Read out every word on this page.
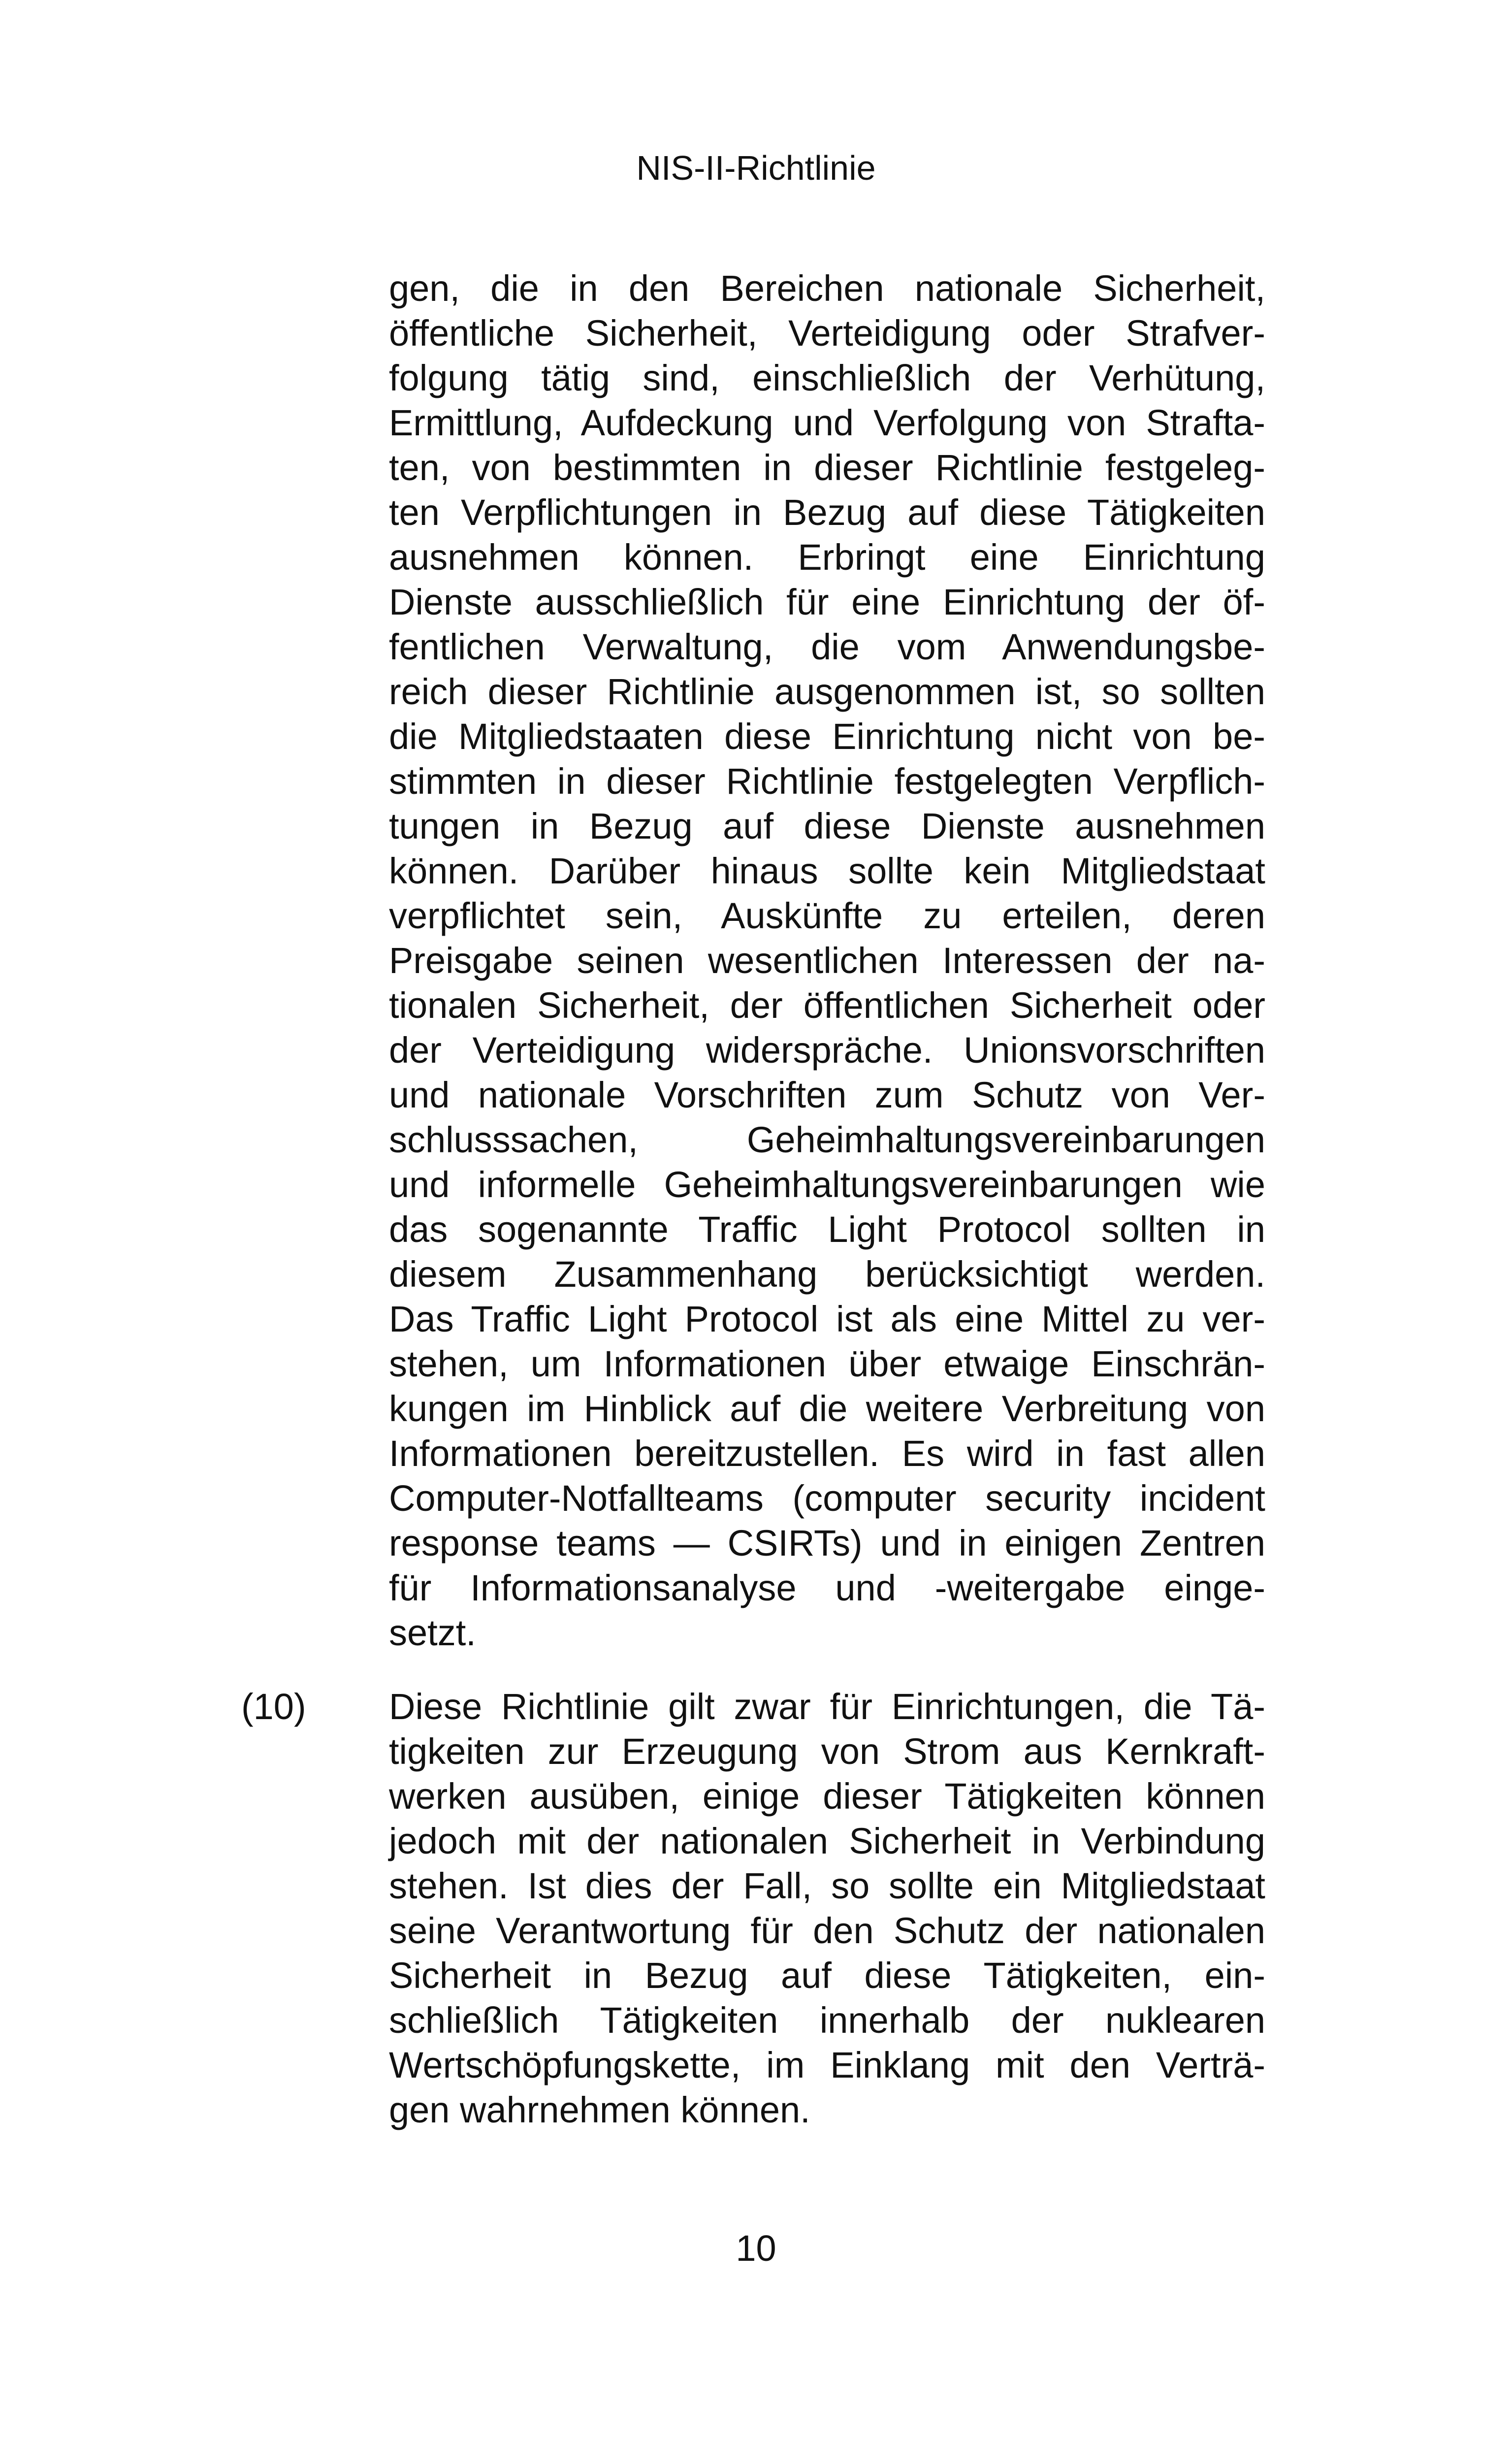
NIS-II-Richtlinie

gen, die in den Bereichen nationale Sicherheit,
öffentliche Sicherheit, Verteidigung oder Strafver-
folgung tätig sind, einschließlich der Verhütung,
Ermittlung, Aufdeckung und Verfolgung von Strafta-
ten, von bestimmten in dieser Richtlinie festgeleg-
ten Verpflichtungen in Bezug auf diese Tätigkeiten
ausnehmen können. Erbringt eine Einrichtung
Dienste ausschließlich für eine Einrichtung der öf-
fentlichen Verwaltung, die vom Anwendungsbe-
reich dieser Richtlinie ausgenommen ist, so sollten
die Mitgliedstaaten diese Einrichtung nicht von be-
stimmten in dieser Richtlinie festgelegten Verpflich-
tungen in Bezug auf diese Dienste ausnehmen
können. Darüber hinaus sollte kein Mitgliedstaat
verpflichtet sein, Auskünfte zu erteilen, deren
Preisgabe seinen wesentlichen Interessen der na-
tionalen Sicherheit, der öffentlichen Sicherheit oder
der Verteidigung widerspräche. Unionsvorschriften
und nationale Vorschriften zum Schutz von Ver-
schlusssachen, Geheimhaltungsvereinbarungen
und informelle Geheimhaltungsvereinbarungen wie
das sogenannte Traffic Light Protocol sollten in
diesem Zusammenhang berücksichtigt werden.
Das Traffic Light Protocol ist als eine Mittel zu ver-
stehen, um Informationen über etwaige Einschrän-
kungen im Hinblick auf die weitere Verbreitung von
Informationen bereitzustellen. Es wird in fast allen
Computer-Notfallteams (computer security incident
response teams — CSIRTs) und in einigen Zentren
für Informationsanalyse und -weitergabe einge-
setzt.

(10) Diese Richtlinie gilt zwar für Einrichtungen, die Tä-
tigkeiten zur Erzeugung von Strom aus Kernkraft-
werken ausüben, einige dieser Tätigkeiten können
jedoch mit der nationalen Sicherheit in Verbindung
stehen. Ist dies der Fall, so sollte ein Mitgliedstaat
seine Verantwortung für den Schutz der nationalen
Sicherheit in Bezug auf diese Tätigkeiten, ein-
schließlich Tätigkeiten innerhalb der nuklearen
Wertschöpfungskette, im Einklang mit den Verträ-
gen wahrnehmen können.

10
